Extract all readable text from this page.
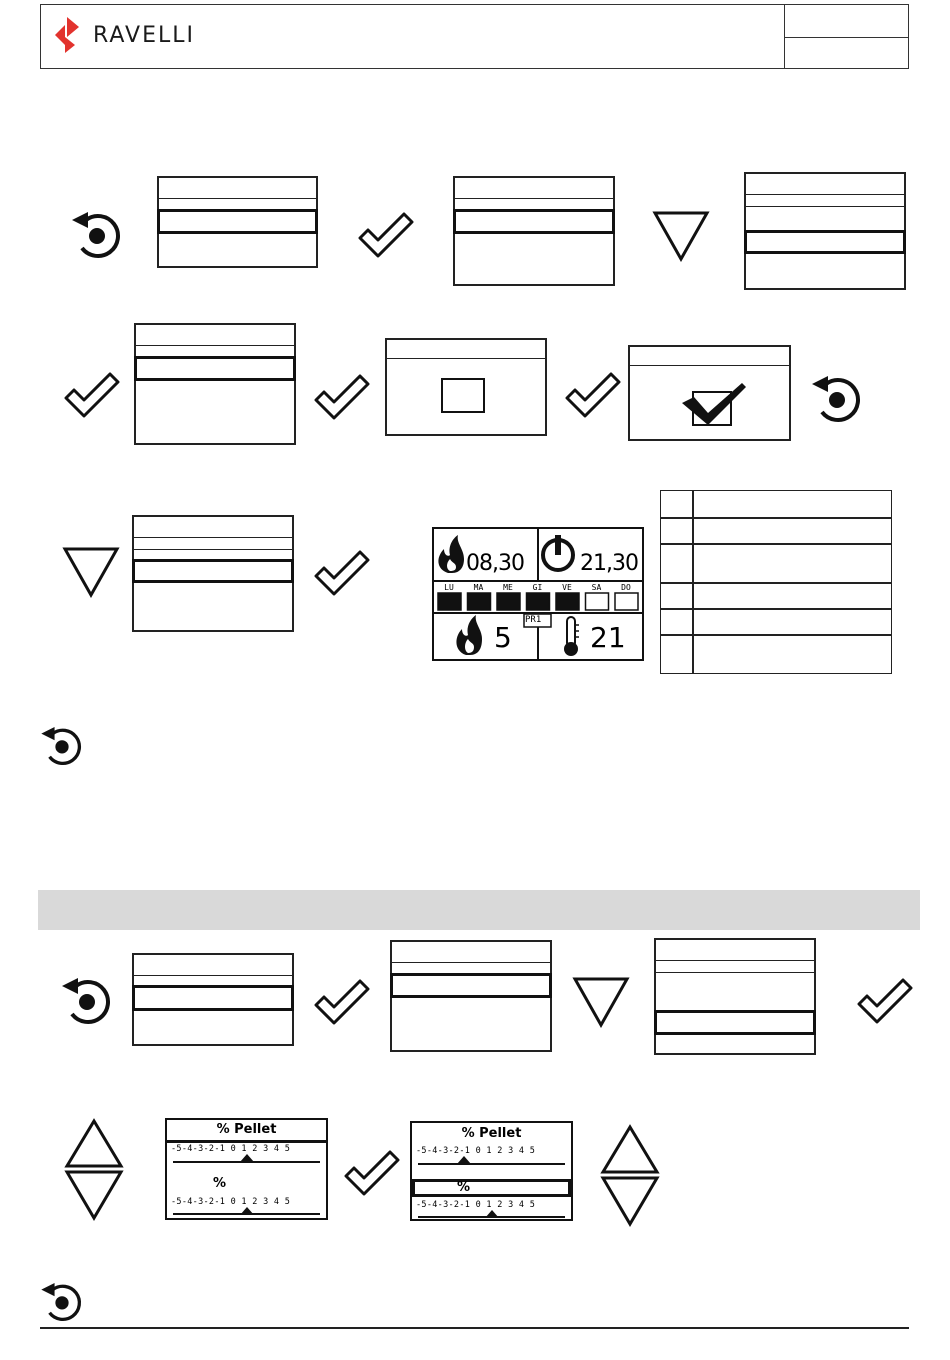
RAVELLI
LU MA ME GI VE SA DO
08,30	21,30
PR1
5	21
% Pellet
-5-4-3-2-1 0 1 2 3 4 5
%
-5-4-3-2-1 0 1 2 3 4 5
% Pellet
-5-4-3-2-1 0 1 2 3 4 5
%
-5-4-3-2-1 0 1 2 3 4 5
